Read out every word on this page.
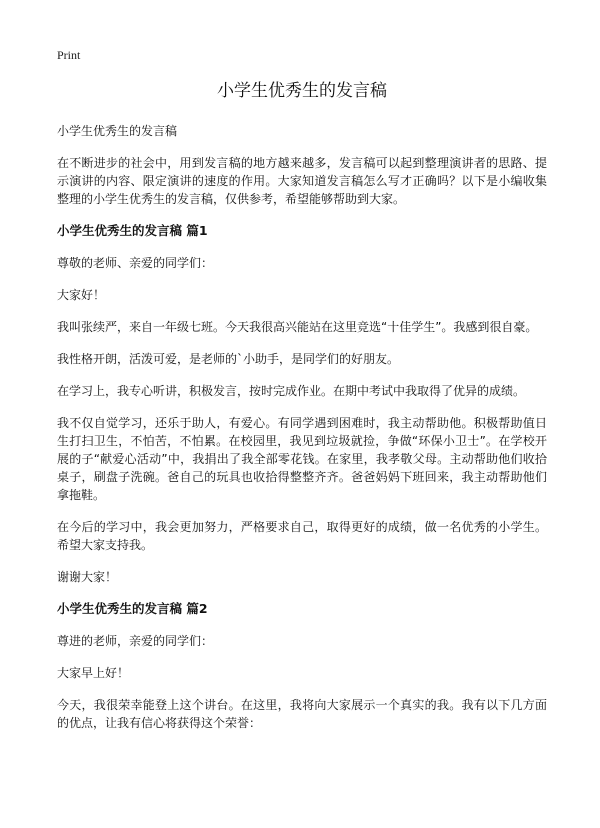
Print
小学生优秀生的发言稿

小学生优秀生的发言稿

在不断进步的社会中，用到发言稿的地方越来越多，发言稿可以起到整理演讲者的思路、提示演讲的内容、限定演讲的速度的作用。大家知道发言稿怎么写才正确吗？以下是小编收集整理的小学生优秀生的发言稿，仅供参考，希望能够帮助到大家。

小学生优秀生的发言稿 篇1

尊敬的老师、亲爱的同学们：

大家好！

我叫张续严，来自一年级七班。今天我很高兴能站在这里竞选“十佳学生”。我感到很自豪。

我性格开朗，活泼可爱，是老师的`小助手，是同学们的好朋友。

在学习上，我专心听讲，积极发言，按时完成作业。在期中考试中我取得了优异的成绩。

我不仅自觉学习，还乐于助人，有爱心。有同学遇到困难时，我主动帮助他。积极帮助值日生打扫卫生，不怕苦，不怕累。在校园里，我见到垃圾就捡，争做“环保小卫士”。在学校开展的子“献爱心活动”中，我捐出了我全部零花钱。在家里，我孝敬父母。主动帮助他们收拾桌子，刷盘子洗碗。爸自己的玩具也收拾得整整齐齐。爸爸妈妈下班回来，我主动帮助他们拿拖鞋。

在今后的学习中，我会更加努力，严格要求自己，取得更好的成绩，做一名优秀的小学生。希望大家支持我。

谢谢大家！

小学生优秀生的发言稿 篇2

尊进的老师，亲爱的同学们：

大家早上好！

今天，我很荣幸能登上这个讲台。在这里，我将向大家展示一个真实的我。我有以下几方面的优点，让我有信心将获得这个荣誉：
